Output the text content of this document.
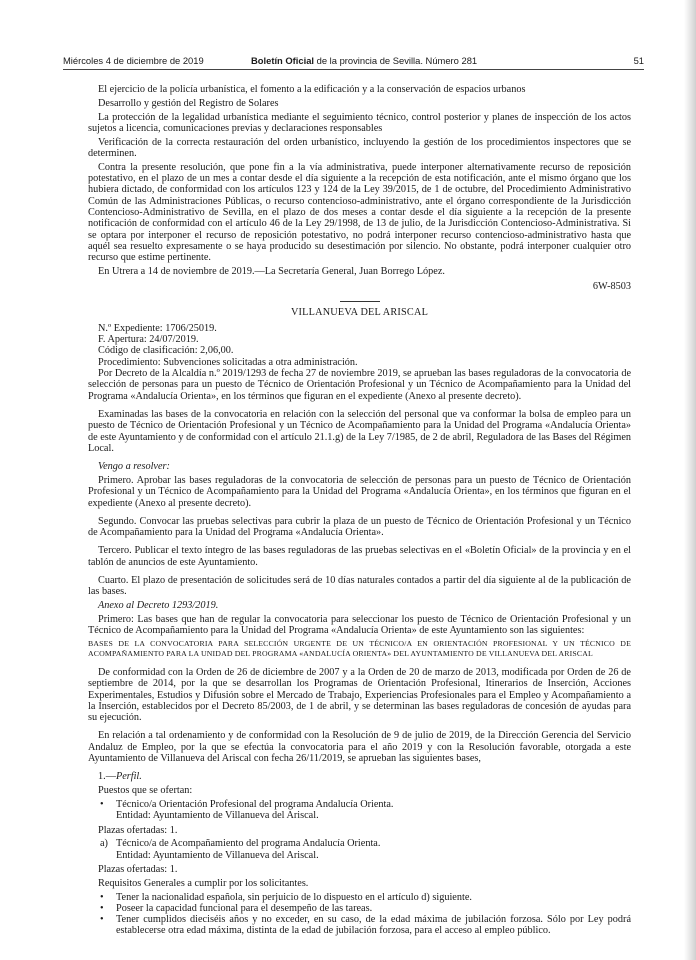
Miércoles 4 de diciembre de 2019	Boletín Oficial de la provincia de Sevilla. Número 281	51

El ejercicio de la policía urbanística, el fomento a la edificación y a la conservación de espacios urbanos

Desarrollo y gestión del Registro de Solares

La protección de la legalidad urbanística mediante el seguimiento técnico, control posterior y planes de inspección de los actos sujetos a licencia, comunicaciones previas y declaraciones responsables

Verificación de la correcta restauración del orden urbanístico, incluyendo la gestión de los procedimientos inspectores que se determinen.

Contra la presente resolución, que pone fin a la vía administrativa, puede interponer alternativamente recurso de reposición potestativo, en el plazo de un mes a contar desde el día siguiente a la recepción de esta notificación, ante el mismo órgano que los hubiera dictado, de conformidad con los artículos 123 y 124 de la Ley 39/2015, de 1 de octubre, del Procedimiento Administrativo Común de las Administraciones Públicas, o recurso contencioso-administrativo, ante el órgano correspondiente de la Jurisdicción Contencioso-Administrativo de Sevilla, en el plazo de dos meses a contar desde el día siguiente a la recepción de la presente notificación de conformidad con el artículo 46 de la Ley 29/1998, de 13 de julio, de la Jurisdicción Contencioso-Administrativa. Si se optara por interponer el recurso de reposición potestativo, no podrá interponer recurso contencioso-administrativo hasta que aquél sea resuelto expresamente o se haya producido su desestimación por silencio. No obstante, podrá interponer cualquier otro recurso que estime pertinente.

En Utrera a 14 de noviembre de 2019.—La Secretaría General, Juan Borrego López.

6W-8503

VILLANUEVA DEL ARISCAL

N.º Expediente: 1706/25019.
F. Apertura: 24/07/2019.
Código de clasificación: 2,06,00.
Procedimiento: Subvenciones solicitadas a otra administración.

Por Decreto de la Alcaldía n.º 2019/1293 de fecha 27 de noviembre 2019, se aprueban las bases reguladoras de la convocatoria de selección de personas para un puesto de Técnico de Orientación Profesional y un Técnico de Acompañamiento para la Unidad del Programa «Andalucía Orienta», en los términos que figuran en el expediente (Anexo al presente decreto).

Examinadas las bases de la convocatoria en relación con la selección del personal que va conformar la bolsa de empleo para un puesto de Técnico de Orientación Profesional y un Técnico de Acompañamiento para la Unidad del Programa «Andalucía Orienta» de este Ayuntamiento y de conformidad con el artículo 21.1.g) de la Ley 7/1985, de 2 de abril, Reguladora de las Bases del Régimen Local.

Vengo a resolver:

Primero. Aprobar las bases reguladoras de la convocatoria de selección de personas para un puesto de Técnico de Orientación Profesional y un Técnico de Acompañamiento para la Unidad del Programa «Andalucía Orienta», en los términos que figuran en el expediente (Anexo al presente decreto).

Segundo. Convocar las pruebas selectivas para cubrir la plaza de un puesto de Técnico de Orientación Profesional y un Técnico de Acompañamiento para la Unidad del Programa «Andalucía Orienta».

Tercero. Publicar el texto íntegro de las bases reguladoras de las pruebas selectivas en el «Boletín Oficial» de la provincia y en el tablón de anuncios de este Ayuntamiento.

Cuarto. El plazo de presentación de solicitudes será de 10 días naturales contados a partir del día siguiente al de la publicación de las bases.

Anexo al Decreto 1293/2019.

Primero: Las bases que han de regular la convocatoria para seleccionar los puesto de Técnico de Orientación Profesional y un Técnico de Acompañamiento para la Unidad del Programa «Andalucía Orienta» de este Ayuntamiento son las siguientes:

BASES DE LA CONVOCATORIA PARA SELECCIÓN URGENTE DE UN TÉCNICO/A EN ORIENTACIÓN PROFESIONAL Y UN TÉCNICO DE ACOMPAÑAMIENTO PARA LA UNIDAD DEL PROGRAMA «ANDALUCÍA ORIENTA» DEL AYUNTAMIENTO DE VILLANUEVA DEL ARISCAL

De conformidad con la Orden de 26 de diciembre de 2007 y a la Orden de 20 de marzo de 2013, modificada por Orden de 26 de septiembre de 2014, por la que se desarrollan los Programas de Orientación Profesional, Itinerarios de Inserción, Acciones Experimentales, Estudios y Difusión sobre el Mercado de Trabajo, Experiencias Profesionales para el Empleo y Acompañamiento a la Inserción, establecidos por el Decreto 85/2003, de 1 de abril, y se determinan las bases reguladoras de concesión de ayudas para su ejecución.

En relación a tal ordenamiento y de conformidad con la Resolución de 9 de julio de 2019, de la Dirección Gerencia del Servicio Andaluz de Empleo, por la que se efectúa la convocatoria para el año 2019 y con la Resolución favorable, otorgada a este Ayuntamiento de Villanueva del Ariscal con fecha 26/11/2019, se aprueban las siguientes bases,

1.—Perfil.

Puestos que se ofertan:

• Técnico/a Orientación Profesional del programa Andalucía Orienta.

Entidad: Ayuntamiento de Villanueva del Ariscal.

Plazas ofertadas: 1.

a) Técnico/a de Acompañamiento del programa Andalucía Orienta.

Entidad: Ayuntamiento de Villanueva del Ariscal.

Plazas ofertadas: 1.

Requisitos Generales a cumplir por los solicitantes.

• Tener la nacionalidad española, sin perjuicio de lo dispuesto en el artículo d) siguiente.

• Poseer la capacidad funcional para el desempeño de las tareas.

• Tener cumplidos dieciséis años y no exceder, en su caso, de la edad máxima de jubilación forzosa. Sólo por Ley podrá establecerse otra edad máxima, distinta de la edad de jubilación forzosa, para el acceso al empleo público.
